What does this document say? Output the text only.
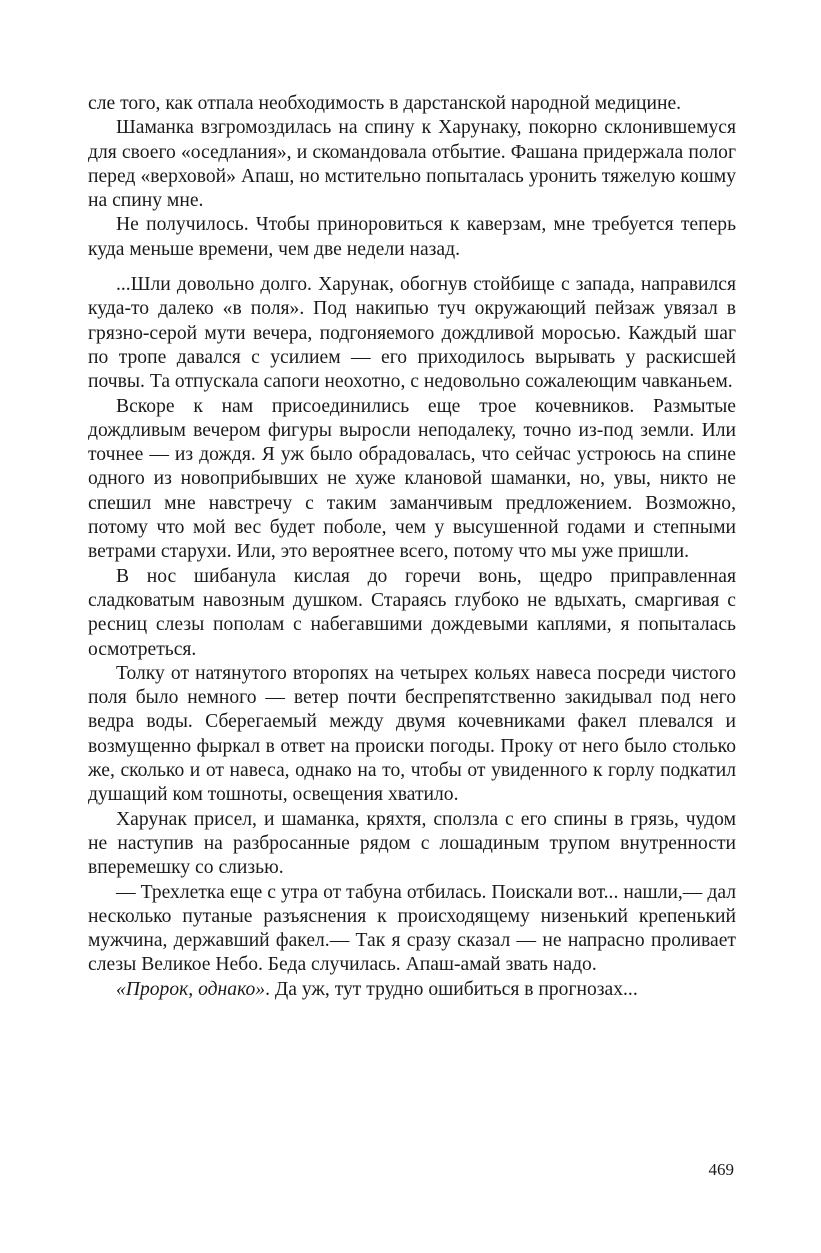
сле того, как отпала необходимость в дарстанской народной медицине.

Шаманка взгромоздилась на спину к Харунаку, покорно склонившемуся для своего «оседлания», и скомандовала отбытие. Фашана придержала полог перед «верховой» Апаш, но мстительно попыталась уронить тяжелую кошму на спину мне.

Не получилось. Чтобы приноровиться к каверзам, мне требуется теперь куда меньше времени, чем две недели назад.

...Шли довольно долго. Харунак, обогнув стойбище с запада, направился куда-то далеко «в поля». Под накипью туч окружающий пейзаж увязал в грязно-серой мути вечера, подгоняемого дождливой моросью. Каждый шаг по тропе давался с усилием — его приходилось вырывать у раскисшей почвы. Та отпускала сапоги неохотно, с недовольно сожалеющим чавканьем.

Вскоре к нам присоединились еще трое кочевников. Размытые дождливым вечером фигуры выросли неподалеку, точно из-под земли. Или точнее — из дождя. Я уж было обрадовалась, что сейчас устроюсь на спине одного из новоприбывших не хуже клановой шаманки, но, увы, никто не спешил мне навстречу с таким заманчивым предложением. Возможно, потому что мой вес будет поболе, чем у высушенной годами и степными ветрами старухи. Или, это вероятнее всего, потому что мы уже пришли.

В нос шибанула кислая до горечи вонь, щедро приправленная сладковатым навозным душком. Стараясь глубоко не вдыхать, смаргивая с ресниц слезы пополам с набегавшими дождевыми каплями, я попыталась осмотреться.

Толку от натянутого второпях на четырех кольях навеса посреди чистого поля было немного — ветер почти беспрепятственно закидывал под него ведра воды. Сберегаемый между двумя кочевниками факел плевался и возмущенно фыркал в ответ на происки погоды. Проку от него было столько же, сколько и от навеса, однако на то, чтобы от увиденного к горлу подкатил душащий ком тошноты, освещения хватило.

Харунак присел, и шаманка, кряхтя, сползла с его спины в грязь, чудом не наступив на разбросанные рядом с лошадиным трупом внутренности вперемешку со слизью.

— Трехлетка еще с утра от табуна отбилась. Поискали вот... нашли,— дал несколько путаные разъяснения к происходящему низенький крепенький мужчина, державший факел.— Так я сразу сказал — не напрасно проливает слезы Великое Небо. Беда случилась. Апаш-амай звать надо.

«Пророк, однако». Да уж, тут трудно ошибиться в прогнозах...

469
